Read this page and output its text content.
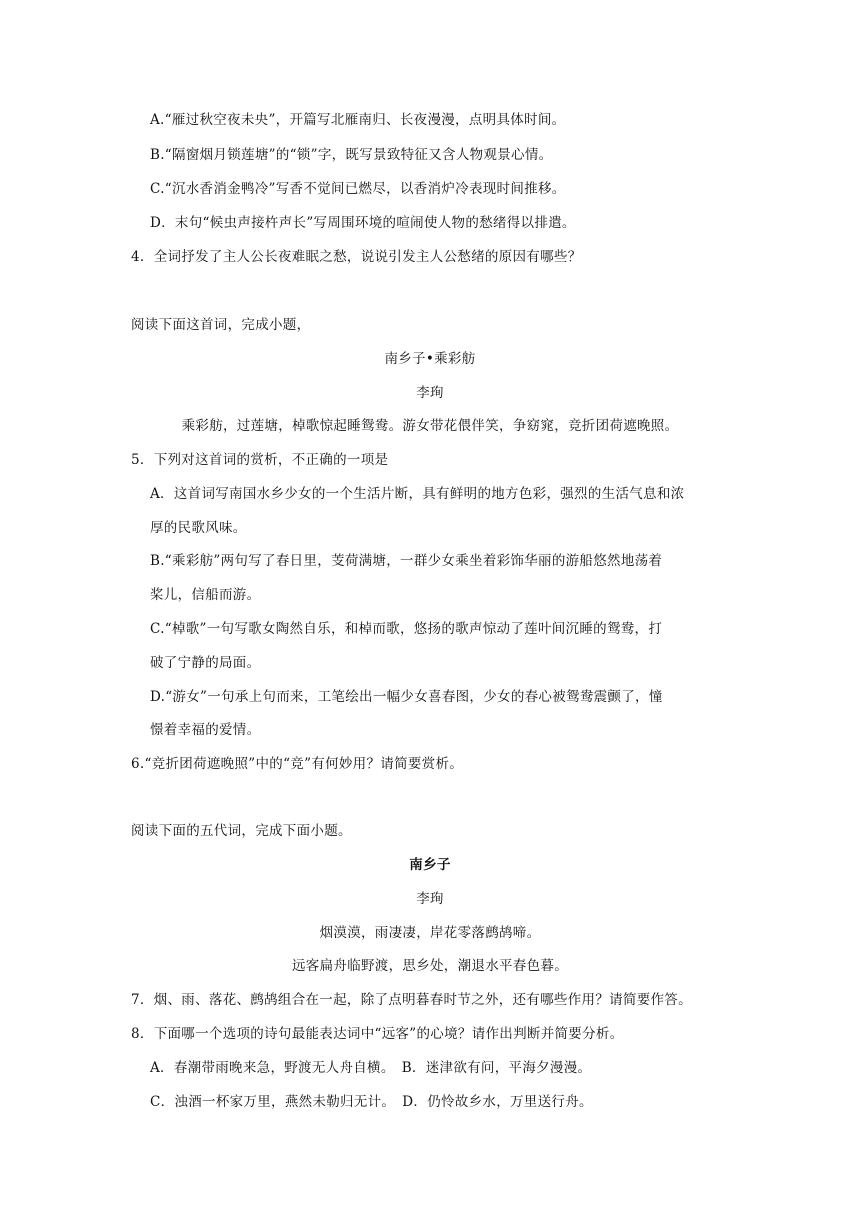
A.“雁过秋空夜未央”，开篇写北雁南归、长夜漫漫，点明具体时间。
B.“隔窗烟月锁莲塘”的“锁”字，既写景致特征又含人物观景心情。
C.“沉水香消金鸭冷”写香不觉间已燃尽，以香消炉冷表现时间推移。
D．末句“候虫声接杵声长”写周围环境的喧闹使人物的愁绪得以排遣。
4．全词抒发了主人公长夜难眠之愁，说说引发主人公愁绪的原因有哪些？
阅读下面这首词，完成小题，
南乡子•乘彩舫
李珣
乘彩舫，过莲塘，棹歌惊起睡鸳鸯。游女带花偎伴笑，争窈窕，竞折团荷遮晚照。
5．下列对这首词的赏析，不正确的一项是
A．这首词写南国水乡少女的一个生活片断，具有鲜明的地方色彩，强烈的生活气息和浓
厚的民歌风味。
B.“乘彩舫”两句写了春日里，芰荷满塘，一群少女乘坐着彩饰华丽的游船悠然地荡着
桨儿，信船而游。
C.“棹歌”一句写歌女陶然自乐，和棹而歌，悠扬的歌声惊动了莲叶间沉睡的鸳鸯，打
破了宁静的局面。
D.“游女”一句承上句而来，工笔绘出一幅少女喜春图，少女的春心被鸳鸯震颤了，憧
憬着幸福的爱情。
6.“竞折团荷遮晚照”中的“竞”有何妙用？请简要赏析。
阅读下面的五代词，完成下面小题。
南乡子
李珣
烟漠漠，雨凄凄，岸花零落鹧鸪啼。
远客扁舟临野渡，思乡处，潮退水平春色暮。
7．烟、雨、落花、鹧鸪组合在一起，除了点明暮春时节之外，还有哪些作用？请简要作答。
8．下面哪一个选项的诗句最能表达词中“远客”的心境？请作出判断并简要分析。
A．春潮带雨晚来急，野渡无人舟自横。　B．迷津欲有问，平海夕漫漫。
C．浊酒一杯家万里，燕然未勒归无计。　D．仍怜故乡水，万里送行舟。
